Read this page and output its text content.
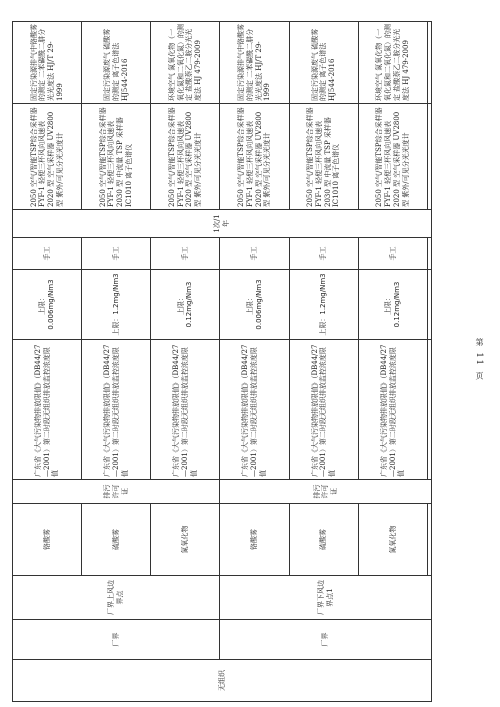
无组织	厂界	厂界上风边界点	铬酸雾	排污许可证	广东省《大气污染物排放限值》（DB44/27—2001）第二时段无组织排放监控浓度限值	上限：0.006mg/Nm3	手工	1次/1年	2050 空气/智能TSP综合采样器 FYF-1 轻便三杯风向风速表 2020 型 空气采样器 UV2800 型 紫外/可见分光光度计	固定污染源排气中铬酸雾的测定 二苯碳酰二肼分光光度法 HJ/T 29-1999
			硫酸雾		广东省《大气污染物排放限值》（DB44/27—2001）第二时段无组织排放监控浓度限值	上限：1.2mg/Nm3	手工		2050 空气/智能TSP综合采样器 FYF-1 轻便三杯风向风速表 2030 型 中流量 TSP 采样器 IC1010 离子色谱仪	固定污染源废气 硫酸雾的测定 离子色谱法 HJ544-2016
			氮氧化物		广东省《大气污染物排放限值》（DB44/27—2001）第二时段无组织排放监控浓度限值	上限：0.12mg/Nm3	手工		2050 空气/智能TSP综合采样器 FYF-1 轻便三杯风向风速表 2020 型 空气采样器 UV2800 型 紫外/可见分光光度计	环境空气 氮氧化物（一氧化氮和二氧化氮）的测定 盐酸萘乙二胺分光光度法 HJ 479-2009
	厂界	厂界下风边界点1	铬酸雾	排污许可证	广东省《大气污染物排放限值》（DB44/27—2001）第二时段无组织排放监控浓度限值	上限：0.006mg/Nm3	手工		2050 空气/智能TSP综合采样器 FYF-1 轻便三杯风向风速表 2020 型 空气采样器 UV2800 型 紫外/可见分光光度计	固定污染源排气中铬酸雾的测定 二苯碳酰二肼分光光度法 HJ/T 29-1999
			硫酸雾		广东省《大气污染物排放限值》（DB44/27—2001）第二时段无组织排放监控浓度限值	上限：1.2mg/Nm3	手工		2050 空气/智能TSP综合采样器 FYF-1 轻便三杯风向风速表 2030 型 中流量 TSP 采样器 IC1010 离子色谱仪	固定污染源废气 硫酸雾的测定 离子色谱法 HJ544-2016
			氮氧化物		广东省《大气污染物排放限值》（DB44/27—2001）第二时段无组织排放监控浓度限值	上限：0.12mg/Nm3	手工		2050 空气/智能TSP综合采样器 FYF-1 轻便三杯风向风速表 2020 型 空气采样器 UV2800 型 紫外/可见分光光度计	环境空气 氮氧化物（一氧化氮和二氧化氮）的测定 盐酸萘乙二胺分光光度法 HJ 479-2009

第 11 页
